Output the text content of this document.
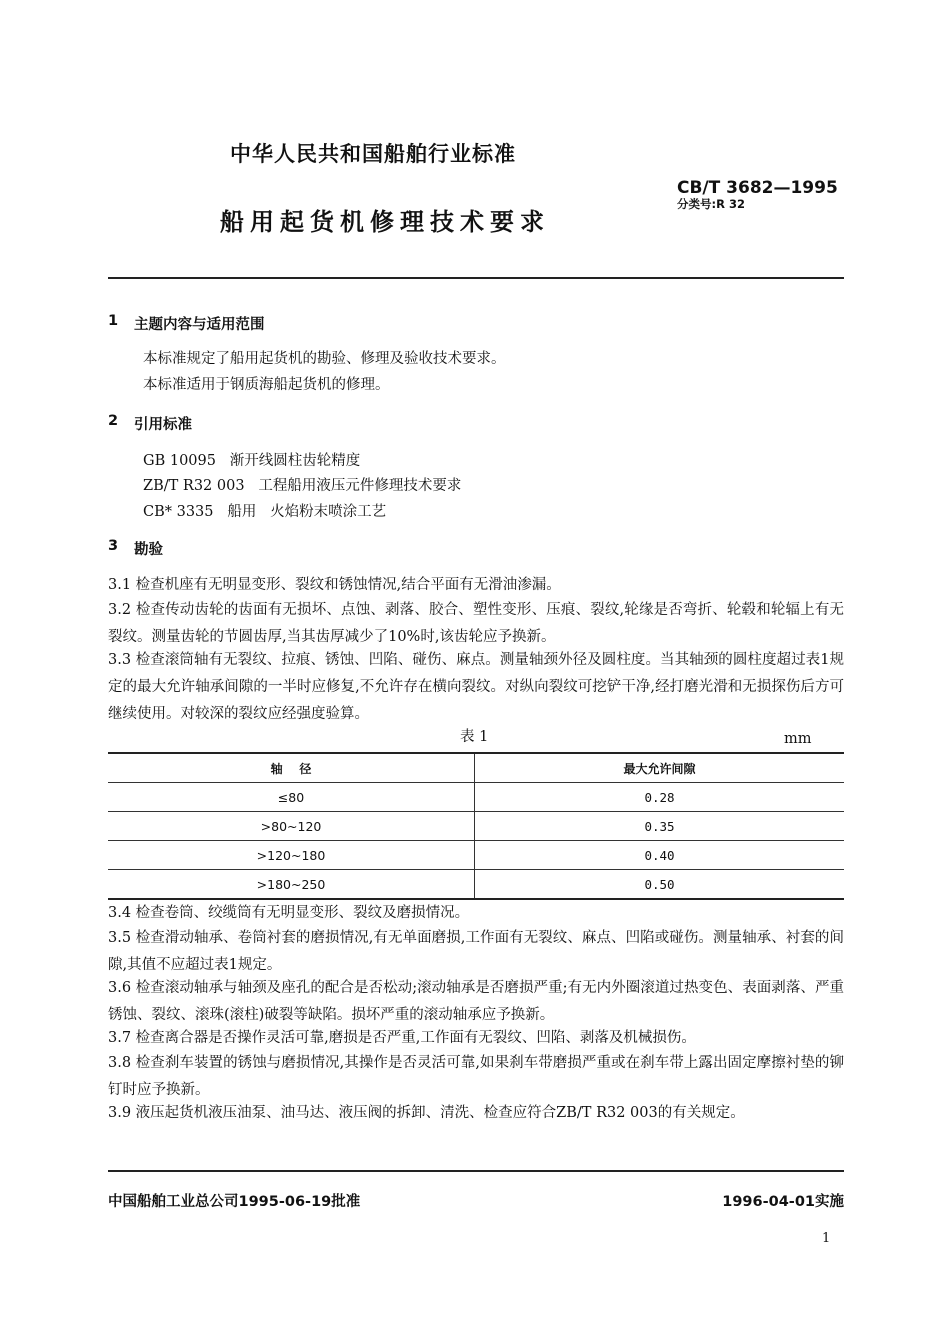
中华人民共和国船舶行业标准
船用起货机修理技术要求
CB/T 3682—1995
分类号:R 32
1 主题内容与适用范围
本标准规定了船用起货机的勘验、修理及验收技术要求。
本标准适用于钢质海船起货机的修理。
2 引用标准
GB 10095   渐开线圆柱齿轮精度
ZB/T R32 003   工程船用液压元件修理技术要求
CB* 3335   船用   火焰粉末喷涂工艺
3 勘验
3.1 检查机座有无明显变形、裂纹和锈蚀情况,结合平面有无滑油渗漏。
3.2 检查传动齿轮的齿面有无损坏、点蚀、剥落、胶合、塑性变形、压痕、裂纹,轮缘是否弯折、轮毂和轮辐上有无裂纹。测量齿轮的节圆齿厚,当其齿厚减少了10%时,该齿轮应予换新。
3.3 检查滚筒轴有无裂纹、拉痕、锈蚀、凹陷、碰伤、麻点。测量轴颈外径及圆柱度。当其轴颈的圆柱度超过表1规定的最大允许轴承间隙的一半时应修复,不允许存在横向裂纹。对纵向裂纹可挖铲干净,经打磨光滑和无损探伤后方可继续使用。对较深的裂纹应经强度验算。
表 1	mm
轴    径	最大允许间隙
≤80	0.28
>80~120	0.35
>120~180	0.40
>180~250	0.50
3.4 检查卷筒、绞缆筒有无明显变形、裂纹及磨损情况。
3.5 检查滑动轴承、卷筒衬套的磨损情况,有无单面磨损,工作面有无裂纹、麻点、凹陷或碰伤。测量轴承、衬套的间隙,其值不应超过表1规定。
3.6 检查滚动轴承与轴颈及座孔的配合是否松动;滚动轴承是否磨损严重;有无内外圈滚道过热变色、表面剥落、严重锈蚀、裂纹、滚珠(滚柱)破裂等缺陷。损坏严重的滚动轴承应予换新。
3.7 检查离合器是否操作灵活可靠,磨损是否严重,工作面有无裂纹、凹陷、剥落及机械损伤。
3.8 检查刹车装置的锈蚀与磨损情况,其操作是否灵活可靠,如果刹车带磨损严重或在刹车带上露出固定摩擦衬垫的铆钉时应予换新。
3.9 液压起货机液压油泵、油马达、液压阀的拆卸、清洗、检查应符合ZB/T R32 003的有关规定。
中国船舶工业总公司1995-06-19批准	1996-04-01实施
1
